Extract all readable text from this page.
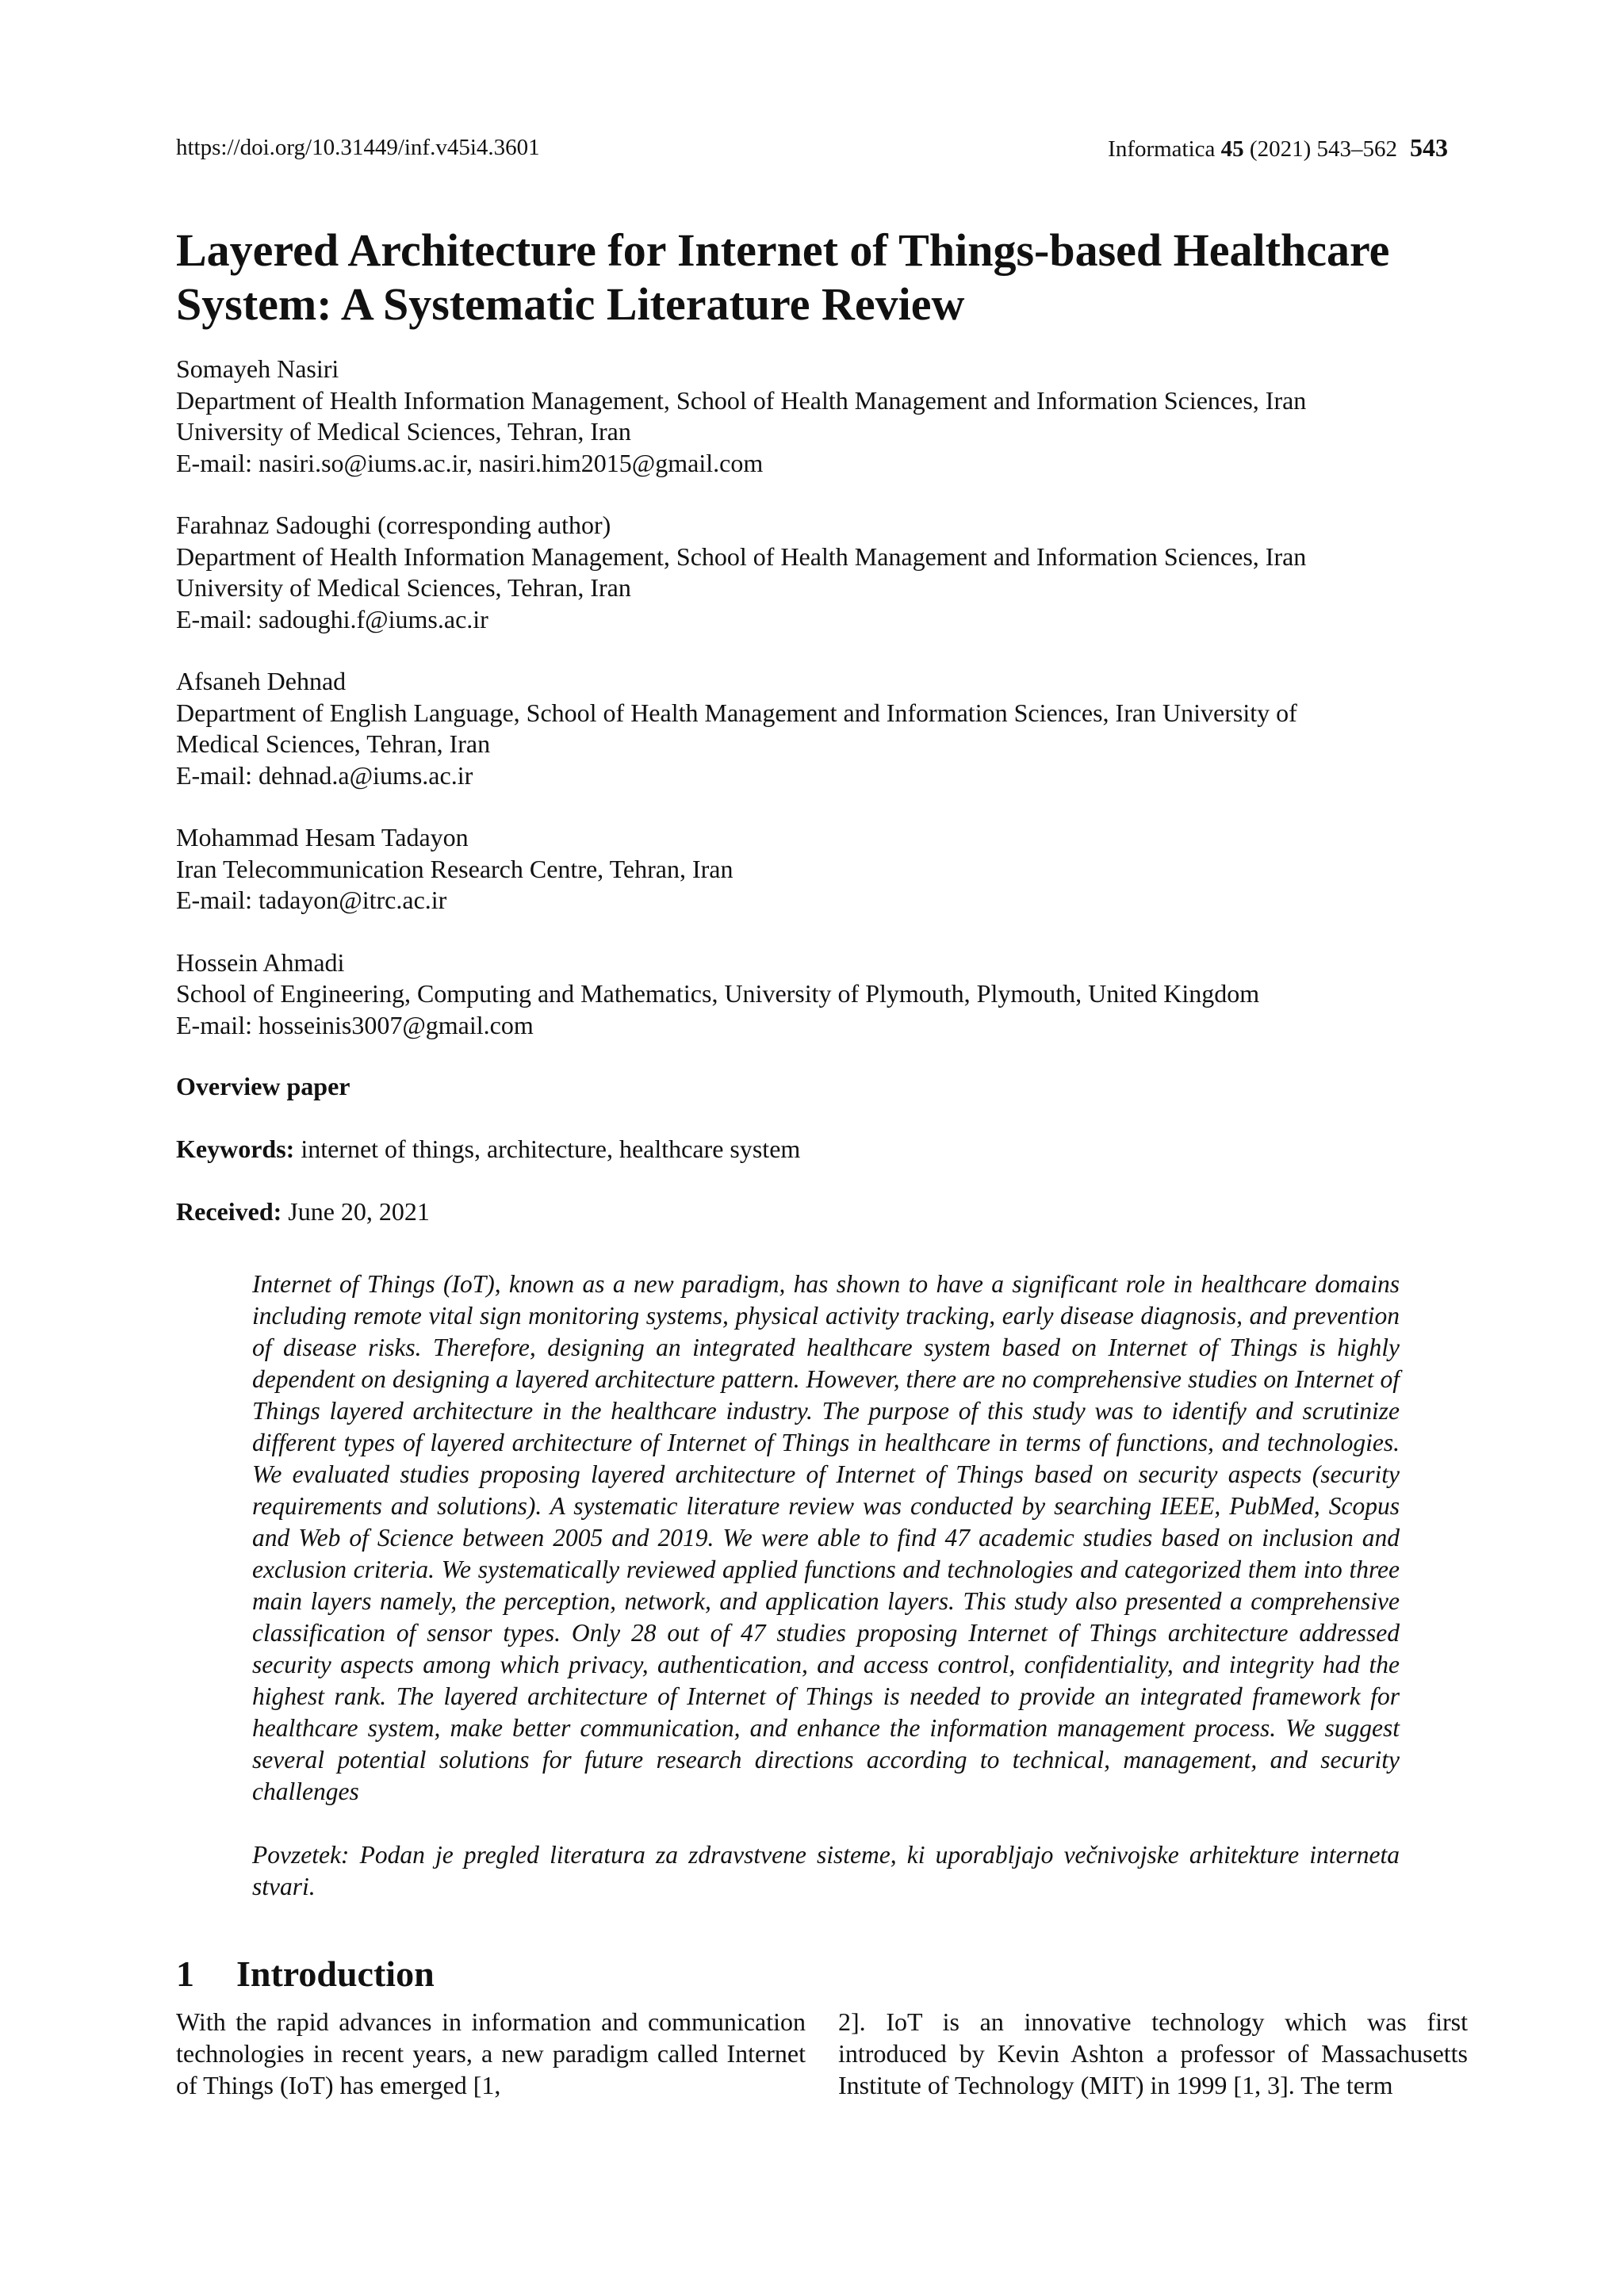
https://doi.org/10.31449/inf.v45i4.3601	Informatica 45 (2021) 543–562 543
Layered Architecture for Internet of Things-based Healthcare
System: A Systematic Literature Review
Somayeh Nasiri
Department of Health Information Management, School of Health Management and Information Sciences, Iran
University of Medical Sciences, Tehran, Iran
E-mail: nasiri.so@iums.ac.ir, nasiri.him2015@gmail.com
Farahnaz Sadoughi (corresponding author)
Department of Health Information Management, School of Health Management and Information Sciences, Iran
University of Medical Sciences, Tehran, Iran
E-mail: sadoughi.f@iums.ac.ir
Afsaneh Dehnad
Department of English Language, School of Health Management and Information Sciences, Iran University of
Medical Sciences, Tehran, Iran
E-mail: dehnad.a@iums.ac.ir
Mohammad Hesam Tadayon
Iran Telecommunication Research Centre, Tehran, Iran
E-mail: tadayon@itrc.ac.ir
Hossein Ahmadi
School of Engineering, Computing and Mathematics, University of Plymouth, Plymouth, United Kingdom
E-mail: hosseinis3007@gmail.com
Overview paper
Keywords: internet of things, architecture, healthcare system
Received: June 20, 2021

Internet of Things (IoT), known as a new paradigm, has shown to have a significant role in healthcare domains including remote vital sign monitoring systems, physical activity tracking, early disease diagnosis, and prevention of disease risks. Therefore, designing an integrated healthcare system based on Internet of Things is highly dependent on designing a layered architecture pattern. However, there are no comprehensive studies on Internet of Things layered architecture in the healthcare industry. The purpose of this study was to identify and scrutinize different types of layered architecture of Internet of Things in healthcare in terms of functions, and technologies. We evaluated studies proposing layered architecture of Internet of Things based on security aspects (security requirements and solutions). A systematic literature review was conducted by searching IEEE, PubMed, Scopus and Web of Science between 2005 and 2019. We were able to find 47 academic studies based on inclusion and exclusion criteria. We systematically reviewed applied functions and technologies and categorized them into three main layers namely, the perception, network, and application layers. This study also presented a comprehensive classification of sensor types. Only 28 out of 47 studies proposing Internet of Things architecture addressed security aspects among which privacy, authentication, and access control, confidentiality, and integrity had the highest rank. The layered architecture of Internet of Things is needed to provide an integrated framework for healthcare system, make better communication, and enhance the information management process. We suggest several potential solutions for future research directions according to technical, management, and security challenges

Povzetek: Podan je pregled literatura za zdravstvene sisteme, ki uporabljajo večnivojske arhitekture interneta stvari.

1 Introduction

With the rapid advances in information and communication technologies in recent years, a new paradigm called Internet of Things (IoT) has emerged [1,

2]. IoT is an innovative technology which was first introduced by Kevin Ashton a professor of Massachusetts Institute of Technology (MIT) in 1999 [1, 3]. The term
